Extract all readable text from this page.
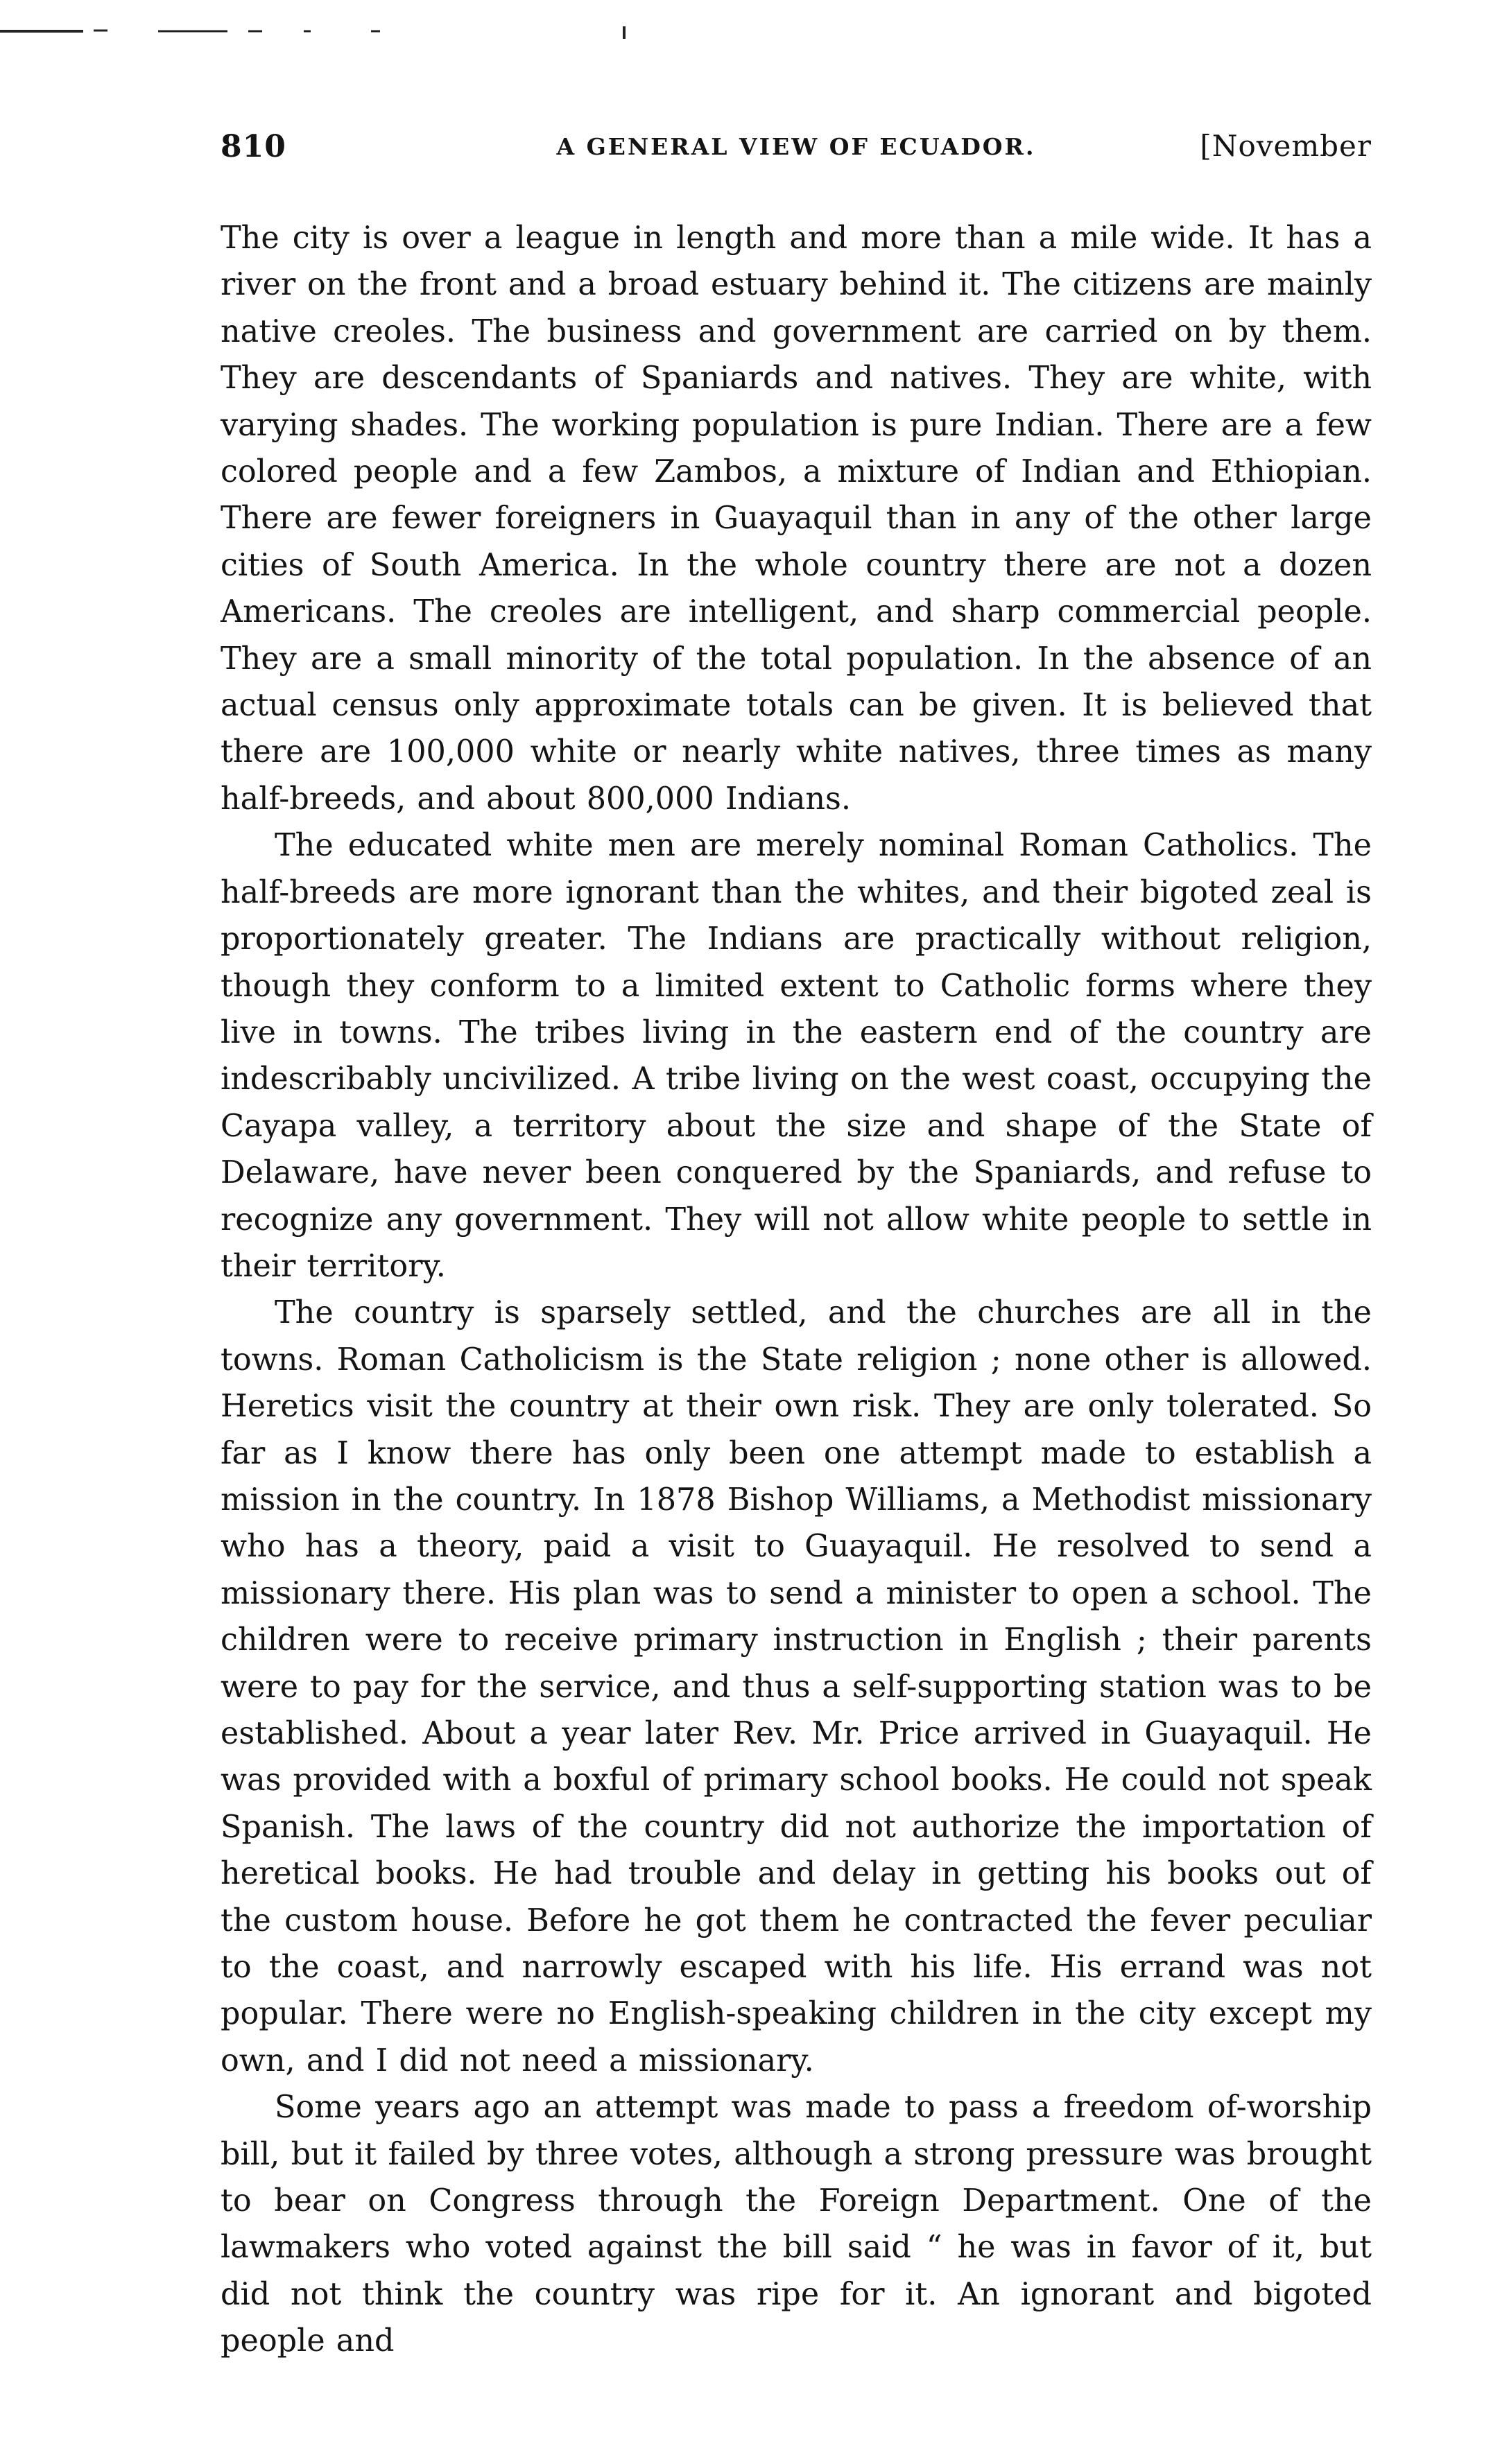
810	A GENERAL VIEW OF ECUADOR.	[November

The city is over a league in length and more than a mile wide. It has a river on the front and a broad estuary behind it. The citizens are mainly native creoles. The business and government are carried on by them. They are descendants of Spaniards and natives. They are white, with varying shades. The working population is pure Indian. There are a few colored people and a few Zambos, a mixture of Indian and Ethiopian. There are fewer foreigners in Guayaquil than in any of the other large cities of South America. In the whole country there are not a dozen Americans. The creoles are intelligent, and sharp commercial people. They are a small minority of the total population. In the absence of an actual census only approximate totals can be given. It is believed that there are 100,000 white or nearly white natives, three times as many half-breeds, and about 800,000 Indians.

The educated white men are merely nominal Roman Catholics. The half-breeds are more ignorant than the whites, and their bigoted zeal is proportionately greater. The Indians are practically without religion, though they conform to a limited extent to Catholic forms where they live in towns. The tribes living in the eastern end of the country are indescribably uncivilized. A tribe living on the west coast, occupying the Cayapa valley, a territory about the size and shape of the State of Delaware, have never been conquered by the Spaniards, and refuse to recognize any government. They will not allow white people to settle in their territory.

The country is sparsely settled, and the churches are all in the towns. Roman Catholicism is the State religion ; none other is allowed. Heretics visit the country at their own risk. They are only tolerated. So far as I know there has only been one attempt made to establish a mission in the country. In 1878 Bishop Williams, a Methodist missionary who has a theory, paid a visit to Guayaquil. He resolved to send a missionary there. His plan was to send a minister to open a school. The children were to receive primary instruction in English ; their parents were to pay for the service, and thus a self-supporting station was to be established. About a year later Rev. Mr. Price arrived in Guayaquil. He was provided with a boxful of primary school books. He could not speak Spanish. The laws of the country did not authorize the importation of heretical books. He had trouble and delay in getting his books out of the custom house. Before he got them he contracted the fever peculiar to the coast, and narrowly escaped with his life. His errand was not popular. There were no English-speaking children in the city except my own, and I did not need a missionary.

Some years ago an attempt was made to pass a freedom of-worship bill, but it failed by three votes, although a strong pressure was brought to bear on Congress through the Foreign Department. One of the lawmakers who voted against the bill said “ he was in favor of it, but did not think the country was ripe for it. An ignorant and bigoted people and
